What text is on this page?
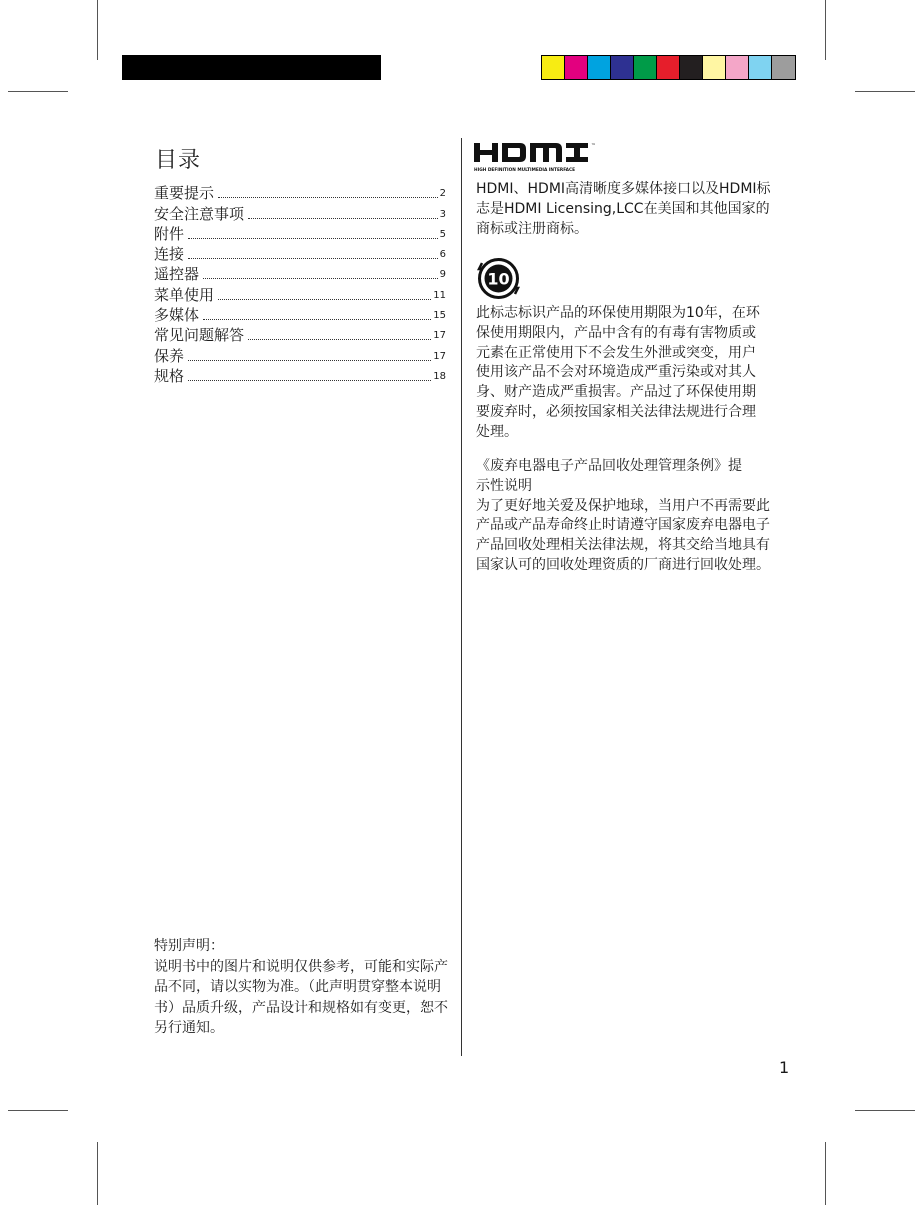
目录
重要提示	2
安全注意事项	3
附件	5
连接	6
遥控器	9
菜单使用	11
多媒体	15
常见问题解答	17
保养	17
规格	18
特别声明：
说明书中的图片和说明仅供参考，可能和实际产品不同，请以实物为准。（此声明贯穿整本说明书）品质升级，产品设计和规格如有变更，恕不另行通知。
™
HIGH DEFINITION MULTIMEDIA INTERFACE
HDMI、HDMI高清晰度多媒体接口以及HDMI标志是HDMI Licensing,LCC在美国和其他国家的商标或注册商标。
10
此标志标识产品的环保使用期限为10年，在环保使用期限内，产品中含有的有毒有害物质或元素在正常使用下不会发生外泄或突变，用户使用该产品不会对环境造成严重污染或对其人身、财产造成严重损害。产品过了环保使用期要废弃时，必须按国家相关法律法规进行合理处理。
《废弃电器电子产品回收处理管理条例》提
示性说明
为了更好地关爱及保护地球，当用户不再需要此产品或产品寿命终止时请遵守国家废弃电器电子产品回收处理相关法律法规，将其交给当地具有国家认可的回收处理资质的厂商进行回收处理。
1
